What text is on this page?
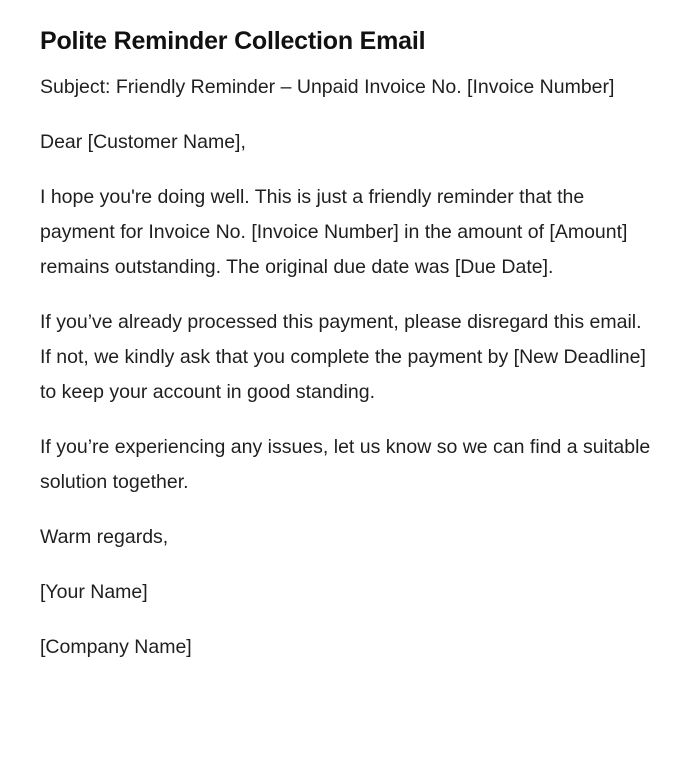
Polite Reminder Collection Email

Subject: Friendly Reminder – Unpaid Invoice No. [Invoice Number]

Dear [Customer Name],

I hope you're doing well. This is just a friendly reminder that the payment for Invoice No. [Invoice Number] in the amount of [Amount] remains outstanding. The original due date was [Due Date].

If you’ve already processed this payment, please disregard this email. If not, we kindly ask that you complete the payment by [New Deadline] to keep your account in good standing.

If you’re experiencing any issues, let us know so we can find a suitable solution together.

Warm regards,

[Your Name]

[Company Name]
